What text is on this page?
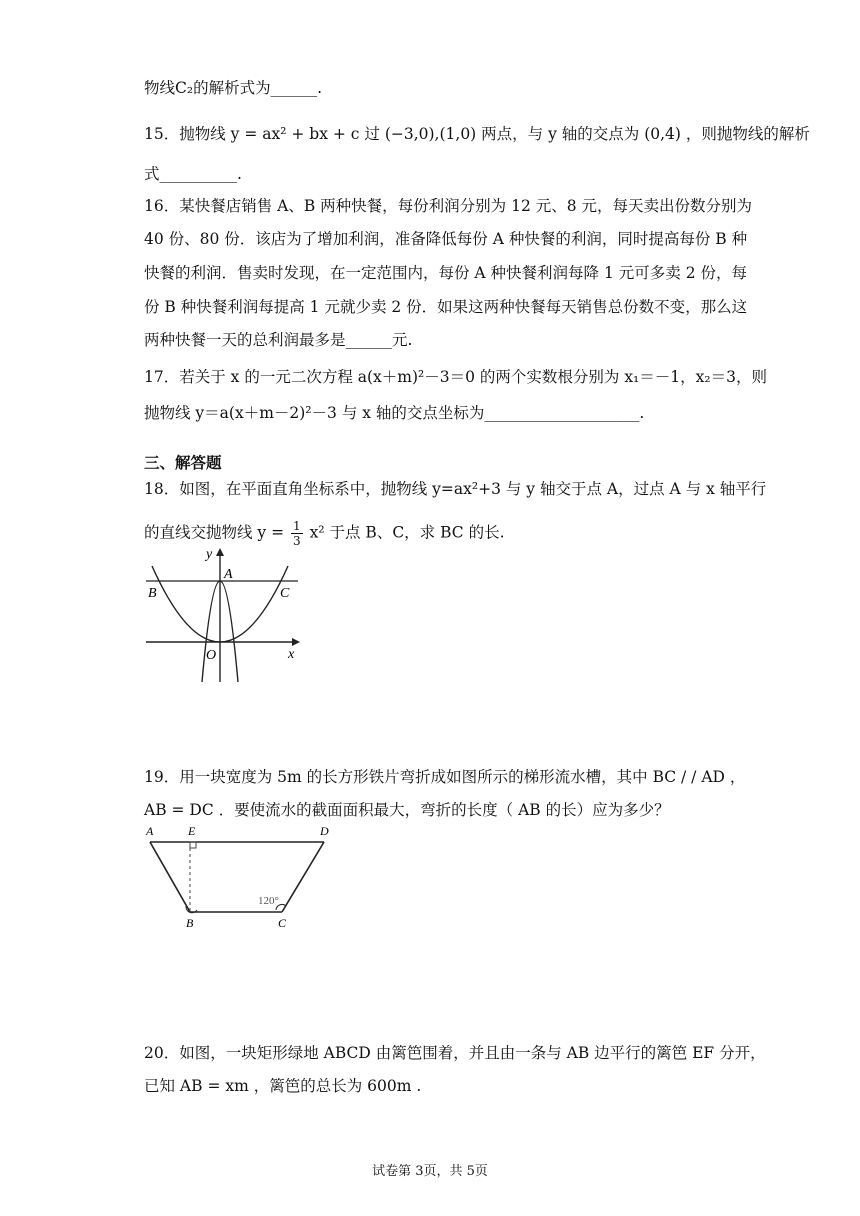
物线C₂的解析式为______.
15．抛物线 y = ax² + bx + c 过 (−3,0),(1,0) 两点，与 y 轴的交点为 (0,4) ，则抛物线的解析
式__________.
16．某快餐店销售 A、B 两种快餐，每份利润分别为 12 元、8 元，每天卖出份数分别为
40 份、80 份．该店为了增加利润，准备降低每份 A 种快餐的利润，同时提高每份 B 种
快餐的利润．售卖时发现，在一定范围内，每份 A 种快餐利润每降 1 元可多卖 2 份，每
份 B 种快餐利润每提高 1 元就少卖 2 份．如果这两种快餐每天销售总份数不变，那么这
两种快餐一天的总利润最多是______元.
17．若关于 x 的一元二次方程 a(x＋m)²－3＝0 的两个实数根分别为 x₁＝－1，x₂＝3，则
抛物线 y＝a(x＋m－2)²－3 与 x 轴的交点坐标为____________________.
三、解答题
18．如图，在平面直角坐标系中，抛物线 y=ax²+3 与 y 轴交于点 A，过点 A 与 x 轴平行
的直线交抛物线 $y = \frac{1}{3} x^2$ 于点 B、C，求 BC 的长.
y
A
B	C
O	x
19．用一块宽度为 5m 的长方形铁片弯折成如图所示的梯形流水槽，其中 BC / / AD ，
AB = DC ．要使流水的截面面积最大，弯折的长度（ AB 的长）应为多少？
A	E	D
B	C
120°
20．如图，一块矩形绿地 ABCD 由篱笆围着，并且由一条与 AB 边平行的篱笆 EF 分开，
已知 AB = xm ，篱笆的总长为 600m .
试卷第 3页，共 5页
